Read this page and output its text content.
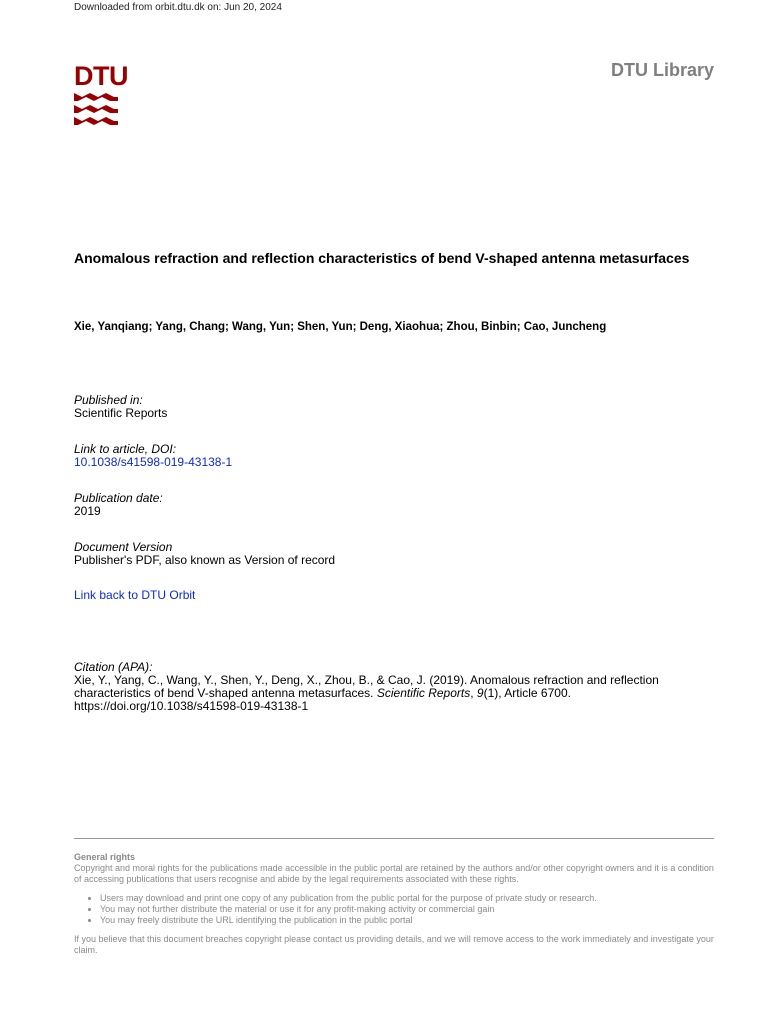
Downloaded from orbit.dtu.dk on: Jun 20, 2024
DTU	DTU Library
Anomalous refraction and reflection characteristics of bend V-shaped antenna metasurfaces
Xie, Yanqiang; Yang, Chang; Wang, Yun; Shen, Yun; Deng, Xiaohua; Zhou, Binbin; Cao, Juncheng
Published in:
Scientific Reports
Link to article, DOI:
10.1038/s41598-019-43138-1
Publication date:
2019
Document Version
Publisher's PDF, also known as Version of record
Link back to DTU Orbit
Citation (APA):
Xie, Y., Yang, C., Wang, Y., Shen, Y., Deng, X., Zhou, B., & Cao, J. (2019). Anomalous refraction and reflection characteristics of bend V-shaped antenna metasurfaces. Scientific Reports, 9(1), Article 6700.
https://doi.org/10.1038/s41598-019-43138-1
General rights
Copyright and moral rights for the publications made accessible in the public portal are retained by the authors and/or other copyright owners and it is a condition of accessing publications that users recognise and abide by the legal requirements associated with these rights.
• Users may download and print one copy of any publication from the public portal for the purpose of private study or research.
• You may not further distribute the material or use it for any profit-making activity or commercial gain
• You may freely distribute the URL identifying the publication in the public portal
If you believe that this document breaches copyright please contact us providing details, and we will remove access to the work immediately and investigate your claim.
